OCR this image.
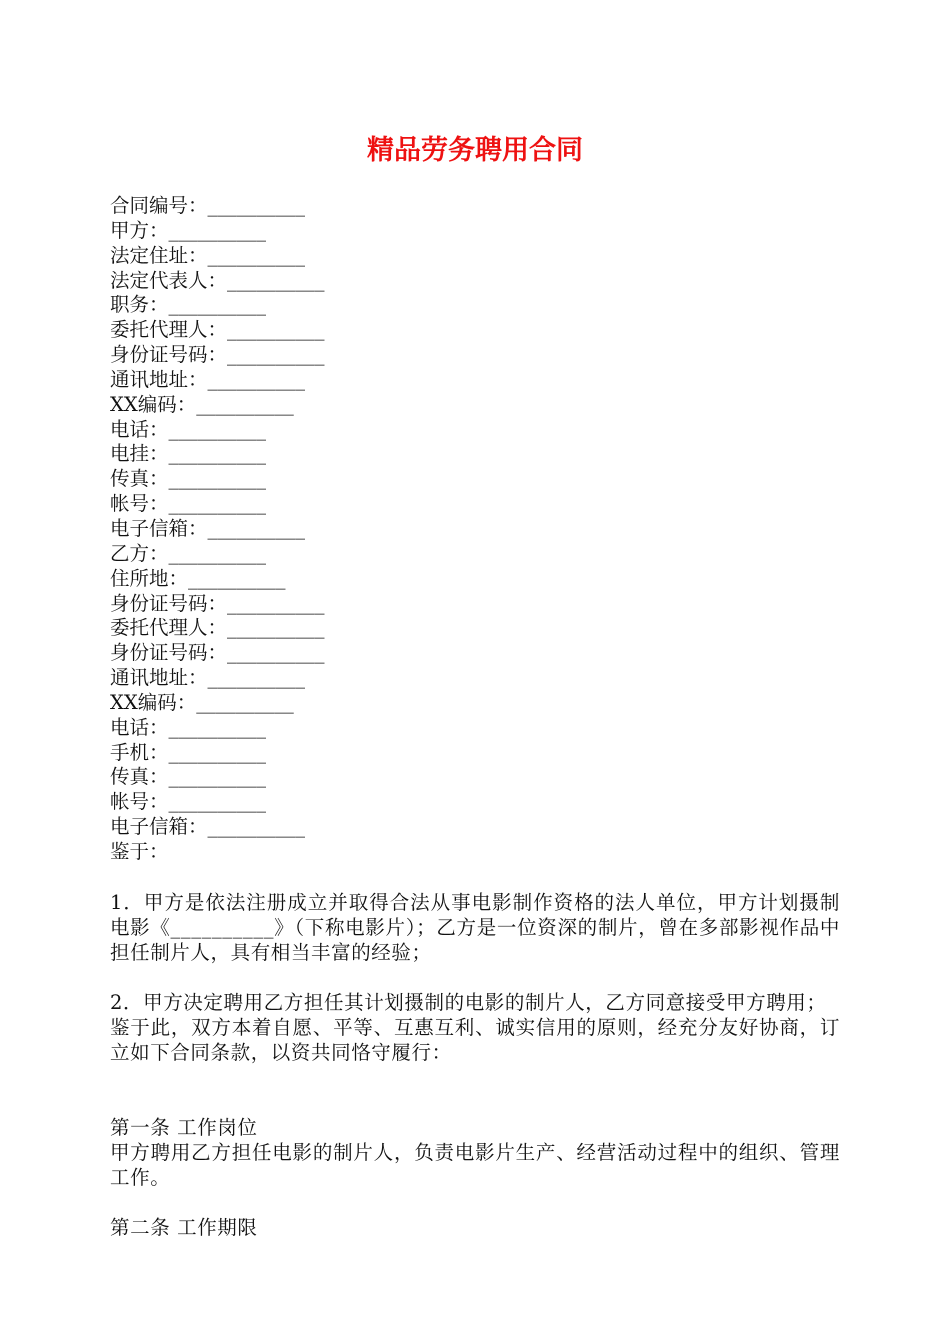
精品劳务聘用合同
合同编号：__________
甲方：__________
法定住址：__________
法定代表人：__________
职务：__________
委托代理人：__________
身份证号码：__________
通讯地址：__________
XX编码：__________
电话：__________
电挂：__________
传真：__________
帐号：__________
电子信箱：__________
乙方：__________
住所地：__________
身份证号码：__________
委托代理人：__________
身份证号码：__________
通讯地址：__________
XX编码：__________
电话：__________
手机：__________
传真：__________
帐号：__________
电子信箱：__________
鉴于：

1．甲方是依法注册成立并取得合法从事电影制作资格的法人单位，甲方计划摄制电影《__________》（下称电影片）；乙方是一位资深的制片，曾在多部影视作品中担任制片人，具有相当丰富的经验；

2．甲方决定聘用乙方担任其计划摄制的电影的制片人，乙方同意接受甲方聘用；

鉴于此，双方本着自愿、平等、互惠互利、诚实信用的原则，经充分友好协商，订立如下合同条款，以资共同恪守履行：

第一条 工作岗位

甲方聘用乙方担任电影的制片人，负责电影片生产、经营活动过程中的组织、管理工作。

第二条 工作期限
